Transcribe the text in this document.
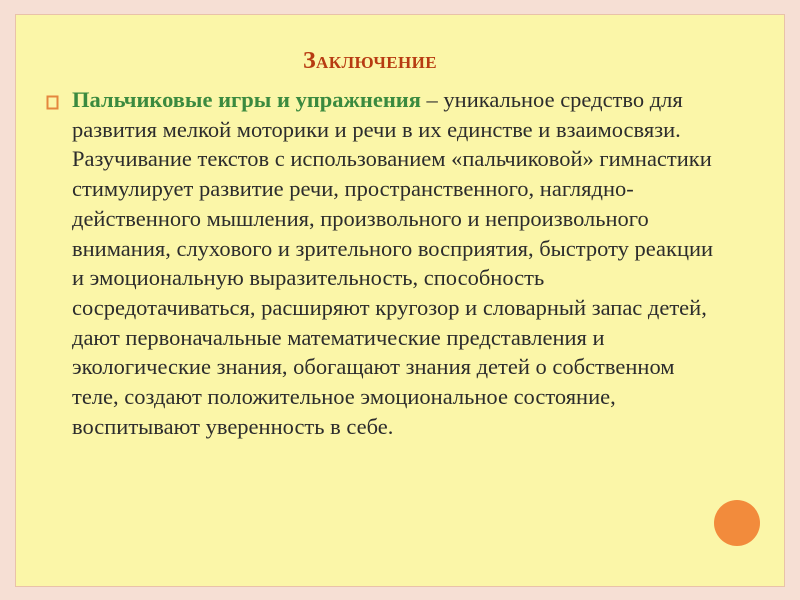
Заключение

Пальчиковые игры и упражнения – уникальное средство для развития мелкой моторики и речи в их единстве и взаимосвязи. Разучивание текстов с использованием «пальчиковой» гимнастики стимулирует развитие речи, пространственного, наглядно-действенного мышления, произвольного и непроизвольного внимания, слухового и зрительного восприятия, быстроту реакции и эмоциональную выразительность, способность сосредотачиваться, расширяют кругозор и словарный запас детей, дают первоначальные математические представления и экологические знания, обогащают знания детей о собственном теле, создают положительное эмоциональное состояние, воспитывают уверенность в себе.
